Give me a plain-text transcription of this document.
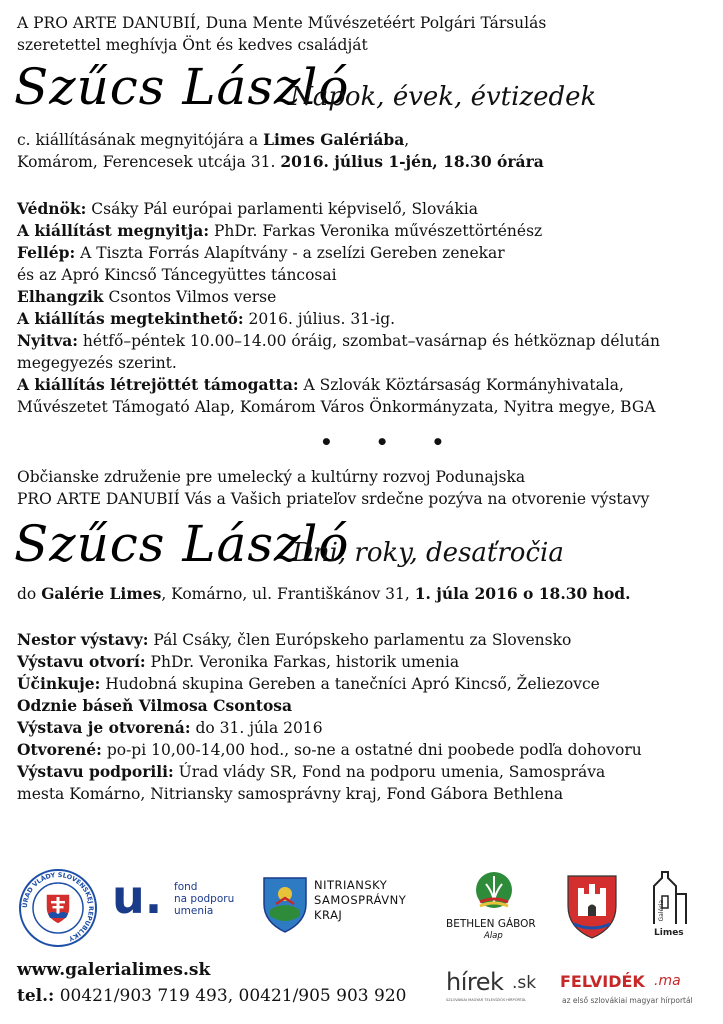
A PRO ARTE DANUBIÍ, Duna Mente Művészetéért Polgári Társulás
szeretettel meghívja Önt és kedves családját
Szűcs László
Napok, évek, évtizedek
c. kiállításának megnyitójára a Limes Galériába,
Komárom, Ferencesek utcája 31. 2016. július 1-jén, 18.30 órára
Védnök: Csáky Pál európai parlamenti képviselő, Slovákia
A kiállítást megnyitja: PhDr. Farkas Veronika művészettörténész
Fellép: A Tiszta Forrás Alapítvány - a zselízi Gereben zenekar
és az Apró Kincső Táncegyüttes táncosai
Elhangzik Csontos Vilmos verse
A kiállítás megtekinthető: 2016. július. 31-ig.
Nyitva: hétfő–péntek 10.00–14.00 óráig, szombat–vasárnap és hétköznap délután
megegyezés szerint.
A kiállítás létrejöttét támogatta: A Szlovák Köztársaság Kormányhivatala,
Művészetet Támogató Alap, Komárom Város Önkormányzata, Nyitra megye, BGA
• • •
Občianske združenie pre umelecký a kultúrny rozvoj Podunajska
PRO ARTE DANUBIÍ Vás a Vašich priateľov srdečne pozýva na otvorenie výstavy
Szűcs László
Dni, roky, desaťročia
do Galérie Limes, Komárno, ul. Františkánov 31, 1. júla 2016 o 18.30 hod.
Nestor výstavy: Pál Csáky, člen Európskeho parlamentu za Slovensko
Výstavu otvorí: PhDr. Veronika Farkas, historik umenia
Účinkuje: Hudobná skupina Gereben a tanečníci Apró Kincső, Želiezovce
Odznie báseň Vilmosa Csontosa
Výstava je otvorená: do 31. júla 2016
Otvorené: po-pi 10,00-14,00 hod., so-ne a ostatné dni poobede podľa dohovoru
Výstavu podporili: Úrad vlády SR, Fond na podporu umenia, Samospráva
mesta Komárno, Nitriansky samosprávny kraj, Fond Gábora Bethlena
ÚRAD VLÁDY SLOVENSKEJ REPUBLIKY
u. fond
na podporu
umenia
NITRIANSKY
SAMOSPRÁVNY
KRAJ
BETHLEN GÁBOR
Alap
Galéria
Limes
www.galerialimes.sk
tel.: 00421/903 719 493, 00421/905 903 920 hírek .sk
SZLOVÁKIAI MAGYAR TELEVÍZIÓS HÍRPORTÁL
FELVIDÉK .ma
az első szlovákiai magyar hírportál
